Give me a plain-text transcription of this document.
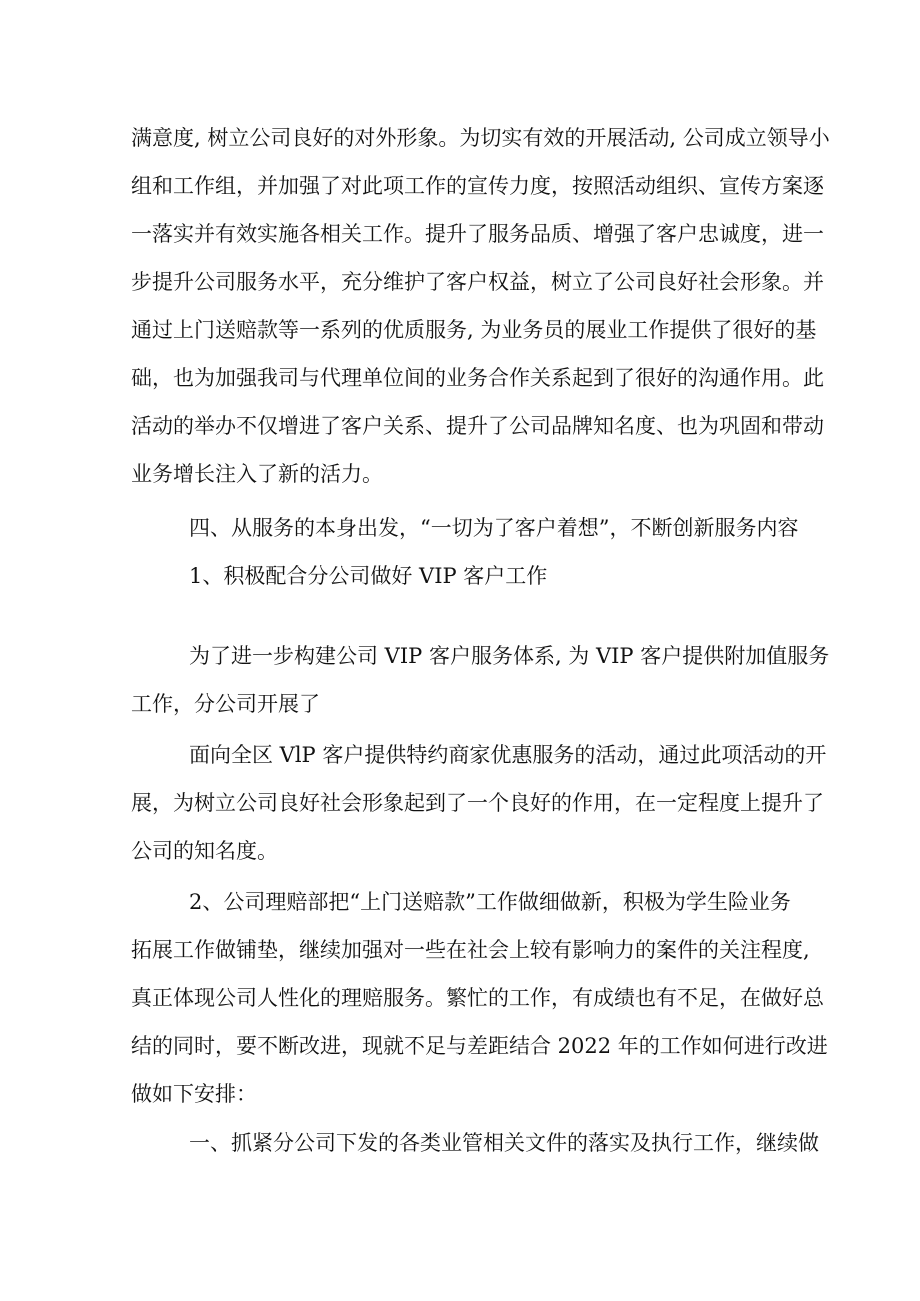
满意度, 树立公司良好的对外形象。为切实有效的开展活动, 公司成立领导小
组和工作组，并加强了对此项工作的宣传力度，按照活动组织、宣传方案逐
一落实并有效实施各相关工作。提升了服务品质、增强了客户忠诚度，进一
步提升公司服务水平，充分维护了客户权益，树立了公司良好社会形象。并
通过上门送赔款等一系列的优质服务, 为业务员的展业工作提供了很好的基
础，也为加强我司与代理单位间的业务合作关系起到了很好的沟通作用。此
活动的举办不仅增进了客户关系、提升了公司品牌知名度、也为巩固和带动
业务增长注入了新的活力。
四、从服务的本身出发，“一切为了客户着想”，不断创新服务内容
1、积极配合分公司做好 VIP 客户工作
为了进一步构建公司 VIP 客户服务体系, 为 VIP 客户提供附加值服务
工作，分公司开展了
面向全区 VlP 客户提供特约商家优惠服务的活动，通过此项活动的开
展，为树立公司良好社会形象起到了一个良好的作用，在一定程度上提升了
公司的知名度。
2、公司理赔部把“上门送赔款”工作做细做新，积极为学生险业务
拓展工作做铺垫，继续加强对一些在社会上较有影响力的案件的关注程度,
真正体现公司人性化的理赔服务。繁忙的工作，有成绩也有不足，在做好总
结的同时，要不断改进，现就不足与差距结合 2022 年的工作如何进行改进
做如下安排：
一、抓紧分公司下发的各类业管相关文件的落实及执行工作，继续做
